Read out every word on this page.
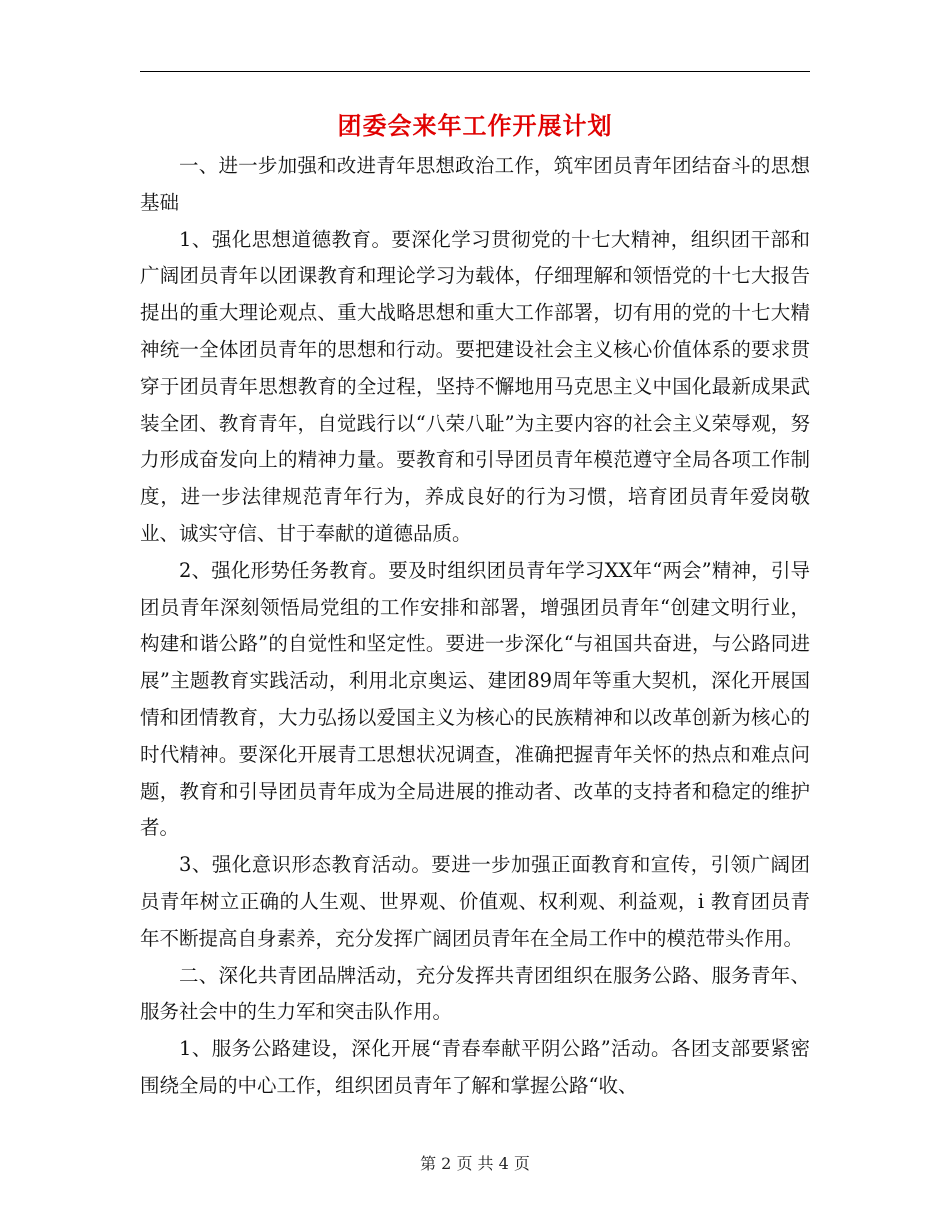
团委会来年工作开展计划

一、进一步加强和改进青年思想政治工作，筑牢团员青年团结奋斗的思想基础

1、强化思想道德教育。要深化学习贯彻党的十七大精神，组织团干部和广阔团员青年以团课教育和理论学习为载体，仔细理解和领悟党的十七大报告提出的重大理论观点、重大战略思想和重大工作部署，切有用的党的十七大精神统一全体团员青年的思想和行动。要把建设社会主义核心价值体系的要求贯穿于团员青年思想教育的全过程，坚持不懈地用马克思主义中国化最新成果武装全团、教育青年，自觉践行以“八荣八耻”为主要内容的社会主义荣辱观，努力形成奋发向上的精神力量。要教育和引导团员青年模范遵守全局各项工作制度，进一步法律规范青年行为，养成良好的行为习惯，培育团员青年爱岗敬业、诚实守信、甘于奉献的道德品质。

2、强化形势任务教育。要及时组织团员青年学习XX年“两会”精神，引导团员青年深刻领悟局党组的工作安排和部署，增强团员青年“创建文明行业，构建和谐公路”的自觉性和坚定性。要进一步深化“与祖国共奋进，与公路同进展”主题教育实践活动，利用北京奥运、建团89周年等重大契机，深化开展国情和团情教育，大力弘扬以爱国主义为核心的民族精神和以改革创新为核心的时代精神。要深化开展青工思想状况调查，准确把握青年关怀的热点和难点问题，教育和引导团员青年成为全局进展的推动者、改革的支持者和稳定的维护者。

3、强化意识形态教育活动。要进一步加强正面教育和宣传，引领广阔团员青年树立正确的人生观、世界观、价值观、权利观、利益观，i 教育团员青年不断提高自身素养，充分发挥广阔团员青年在全局工作中的模范带头作用。

二、深化共青团品牌活动，充分发挥共青团组织在服务公路、服务青年、服务社会中的生力军和突击队作用。

1、服务公路建设，深化开展“青春奉献平阴公路”活动。各团支部要紧密围绕全局的中心工作，组织团员青年了解和掌握公路“收、

第 2 页 共 4 页
